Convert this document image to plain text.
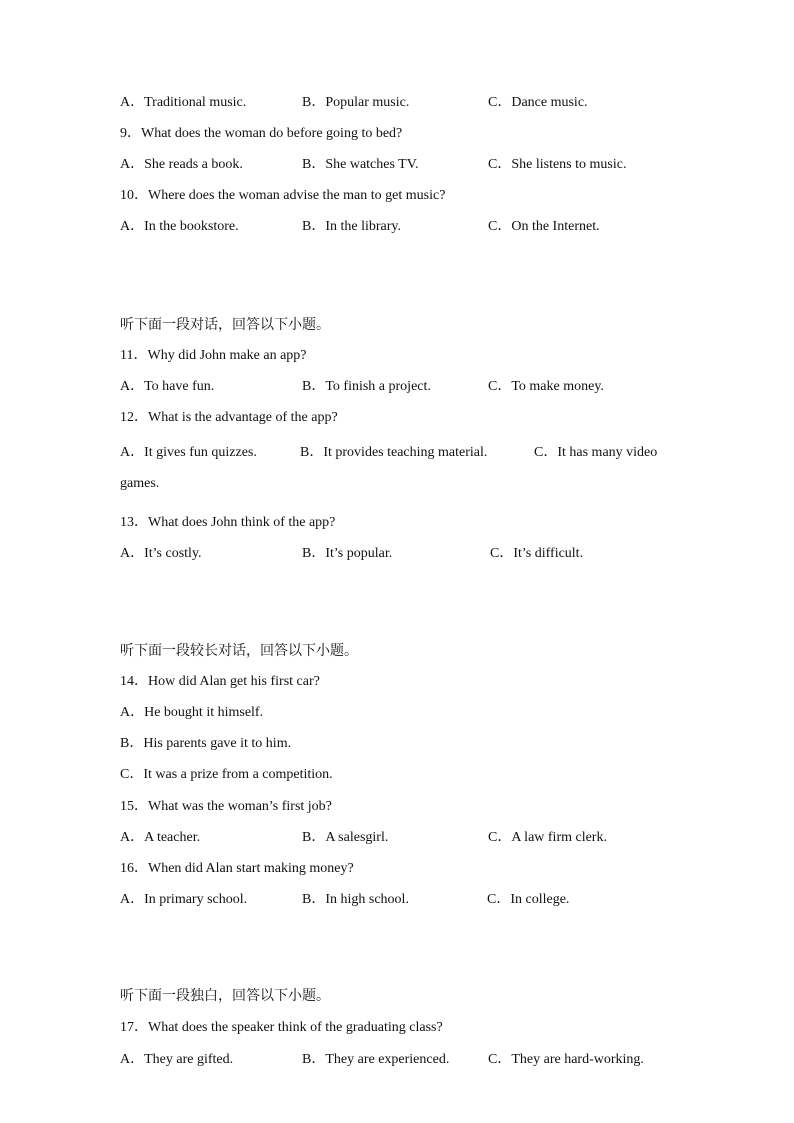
A．Traditional music.	B．Popular music.	C．Dance music.
9．What does the woman do before going to bed?
A．She reads a book.	B．She watches TV.	C．She listens to music.
10．Where does the woman advise the man to get music?
A．In the bookstore.	B．In the library.	C．On the Internet.
听下面一段对话，回答以下小题。
11．Why did John make an app?
A．To have fun.	B．To finish a project.	C．To make money.
12．What is the advantage of the app?
A．It gives fun quizzes.	B．It provides teaching material.	C．It has many video
games.
13．What does John think of the app?
A．It’s costly.	B．It’s popular.	C．It’s difficult.
听下面一段较长对话，回答以下小题。
14．How did Alan get his first car?
A．He bought it himself.
B．His parents gave it to him.
C．It was a prize from a competition.
15．What was the woman’s first job?
A．A teacher.	B．A salesgirl.	C．A law firm clerk.
16．When did Alan start making money?
A．In primary school.	B．In high school.	C．In college.
听下面一段独白，回答以下小题。
17．What does the speaker think of the graduating class?
A．They are gifted.	B．They are experienced.	C．They are hard-working.
